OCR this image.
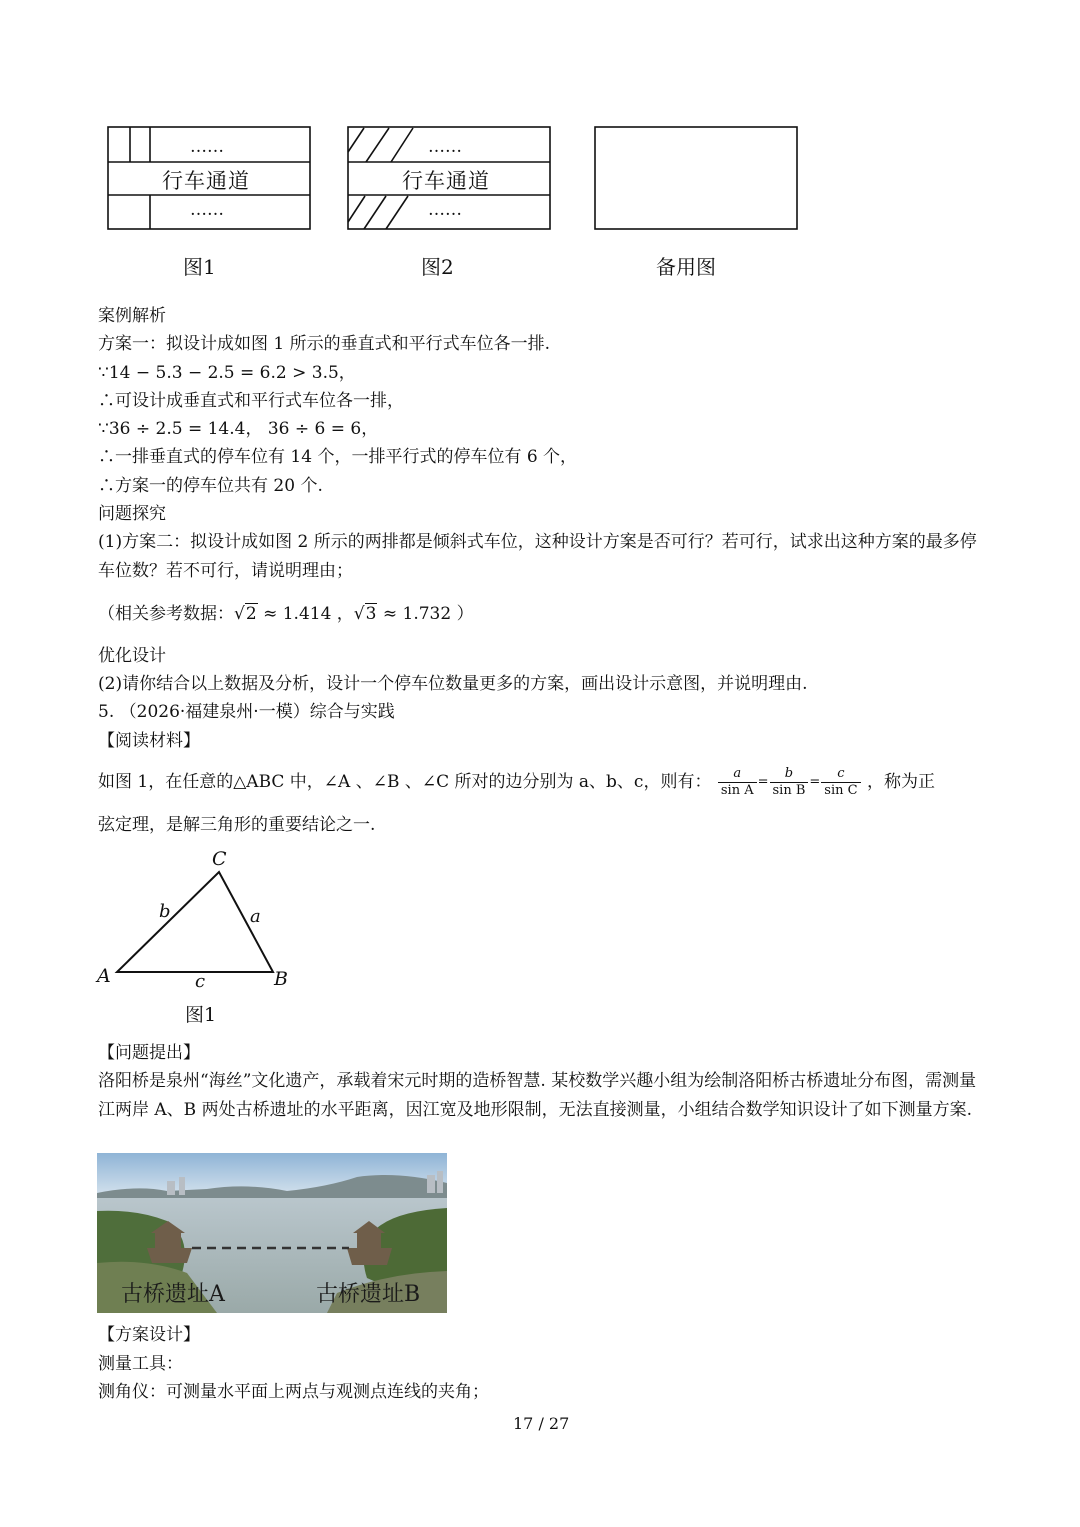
……
行车通道
……
……
行车通道
……
图1	图2	备用图
案例解析
方案一：拟设计成如图 1 所示的垂直式和平行式车位各一排.
∵14 − 5.3 − 2.5 = 6.2 > 3.5，
∴可设计成垂直式和平行式车位各一排，
∵36 ÷ 2.5 = 14.4， 36 ÷ 6 = 6，
∴一排垂直式的停车位有 14 个，一排平行式的停车位有 6 个，
∴方案一的停车位共有 20 个.
问题探究
(1)方案二：拟设计成如图 2 所示的两排都是倾斜式车位，这种设计方案是否可行？若可行，试求出这种方案的最多停车位数？若不可行，请说明理由；
（相关参考数据：√2 ≈ 1.414 ，√3 ≈ 1.732 ）
优化设计
(2)请你结合以上数据及分析，设计一个停车位数量更多的方案，画出设计示意图，并说明理由.
5. （2026·福建泉州·一模）综合与实践
【阅读材料】
如图 1，在任意的△ABC 中，∠A 、∠B 、∠C 所对的边分别为 a、b、c，则有： $\frac{a}{\text{sin A}} = \frac{b}{\text{sin B}} = \frac{c}{\text{sin C}}$ ，称为正
弦定理，是解三角形的重要结论之一.
C
A	B
b	a
c
图1
【问题提出】
洛阳桥是泉州“海丝”文化遗产，承载着宋元时期的造桥智慧. 某校数学兴趣小组为绘制洛阳桥古桥遗址分布图，需测量江两岸 A、B 两处古桥遗址的水平距离，因江宽及地形限制，无法直接测量，小组结合数学知识设计了如下测量方案.
古桥遗址A	古桥遗址B
【方案设计】
测量工具：
测角仪：可测量水平面上两点与观测点连线的夹角；
17 / 27
